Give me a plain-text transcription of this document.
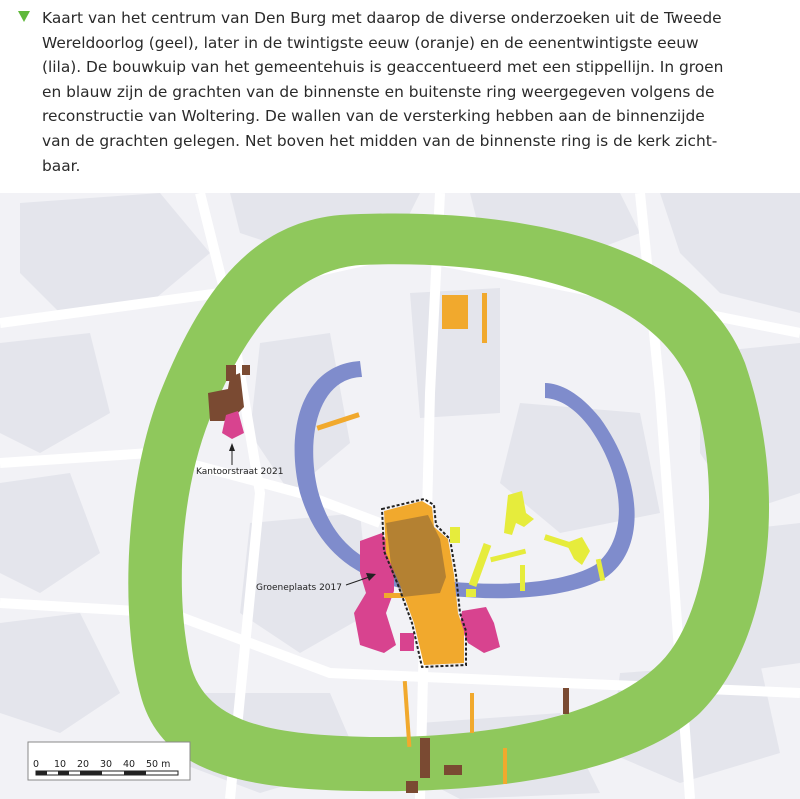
Kaart van het centrum van Den Burg met daarop de diverse onderzoeken uit de Tweede
Wereldoorlog (geel), later in de twintigste eeuw (oranje) en de eenentwintigste eeuw
(lila). De bouwkuip van het gemeentehuis is geaccentueerd met een stippellijn. In groen
en blauw zijn de grachten van de binnenste en buitenste ring weergegeven volgens de
reconstructie van Woltering. De wallen van de versterking hebben aan de binnenzijde
van de grachten gelegen. Net boven het midden van de binnenste ring is de kerk zicht-
baar.
Kantoorstraat 2021
Groeneplaats 2017
0 10 20 30 40 50 m
